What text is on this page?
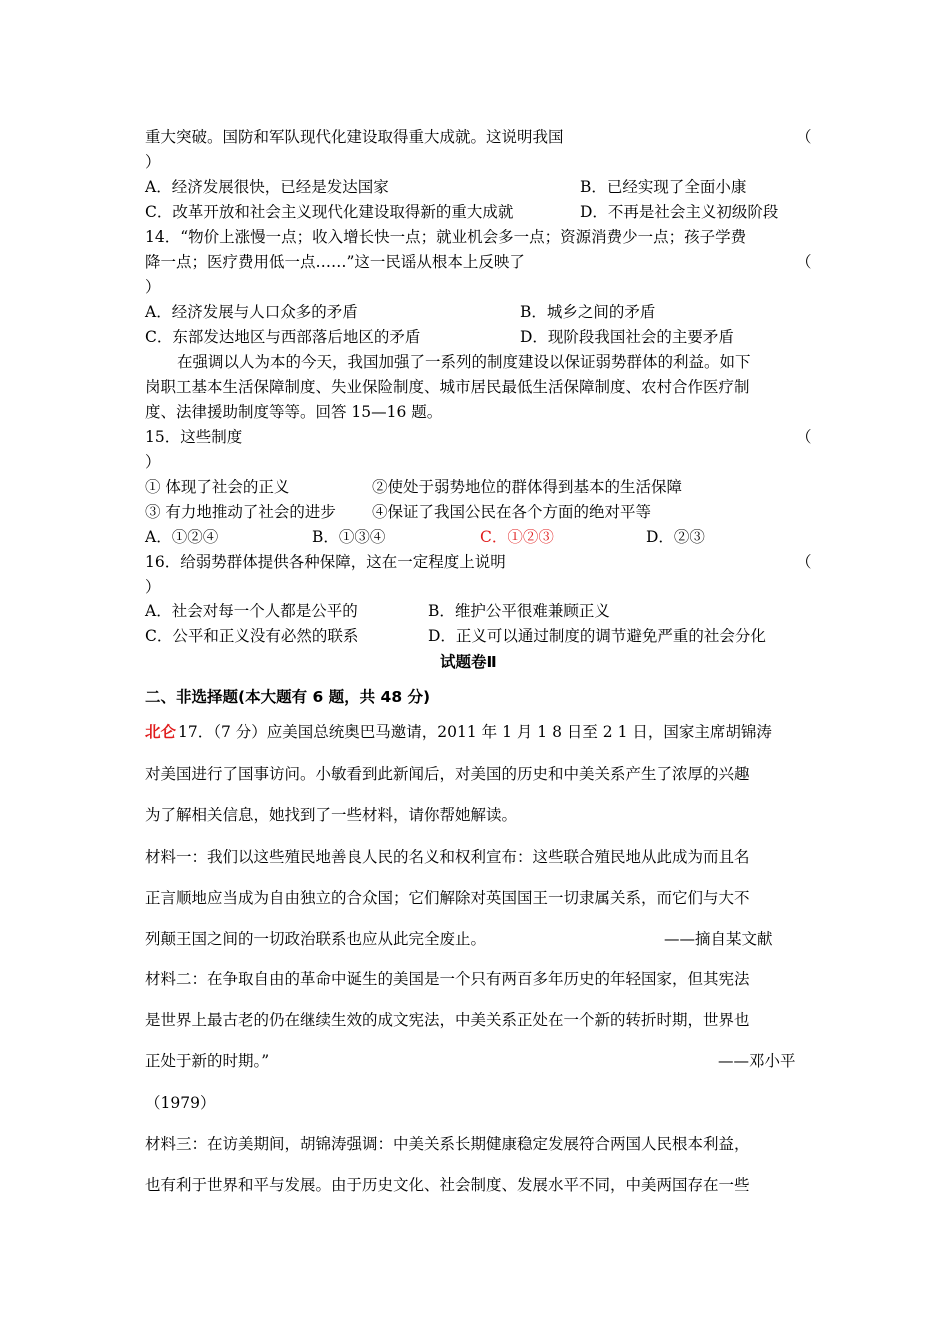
重大突破。国防和军队现代化建设取得重大成就。这说明我国	（
）
A．经济发展很快，已经是发达国家	B．已经实现了全面小康
C．改革开放和社会主义现代化建设取得新的重大成就	D．不再是社会主义初级阶段
14．“物价上涨慢一点；收入增长快一点；就业机会多一点；资源消费少一点；孩子学费
降一点；医疗费用低一点……”这一民谣从根本上反映了	（
）
A．经济发展与人口众多的矛盾	B．城乡之间的矛盾
C．东部发达地区与西部落后地区的矛盾	D．现阶段我国社会的主要矛盾
在强调以人为本的今天，我国加强了一系列的制度建设以保证弱势群体的利益。如下
岗职工基本生活保障制度、失业保险制度、城市居民最低生活保障制度、农村合作医疗制
度、法律援助制度等等。回答 15—16 题。
15．这些制度	（
）
① 体现了社会的正义	②使处于弱势地位的群体得到基本的生活保障
③ 有力地推动了社会的进步 ④保证了我国公民在各个方面的绝对平等
A．①②④	B．①③④	C．①②③	D．②③
16．给弱势群体提供各种保障，这在一定程度上说明	（
）
A．社会对每一个人都是公平的	B．维护公平很难兼顾正义
C．公平和正义没有必然的联系	D．正义可以通过制度的调节避免严重的社会分化
试题卷Ⅱ
二、非选择题(本大题有 6 题，共 48 分)
北仑 17．（7 分）应美国总统奥巴马邀请，2011 年 1 月 1 8 日至 2 1 日，国家主席胡锦涛
对美国进行了国事访问。小敏看到此新闻后，对美国的历史和中美关系产生了浓厚的兴趣
为了解相关信息，她找到了一些材料，请你帮她解读。
材料一：我们以这些殖民地善良人民的名义和权利宣布：这些联合殖民地从此成为而且名
正言顺地应当成为自由独立的合众国；它们解除对英国国王一切隶属关系，而它们与大不
列颠王国之间的一切政治联系也应从此完全废止。	——摘自某文献
材料二：在争取自由的革命中诞生的美国是一个只有两百多年历史的年轻国家，但其宪法
是世界上最古老的仍在继续生效的成文宪法，中美关系正处在一个新的转折时期，世界也
正处于新的时期。”	——邓小平
（1979）
材料三：在访美期间，胡锦涛强调：中美关系长期健康稳定发展符合两国人民根本利益，
也有利于世界和平与发展。由于历史文化、社会制度、发展水平不同，中美两国存在一些
